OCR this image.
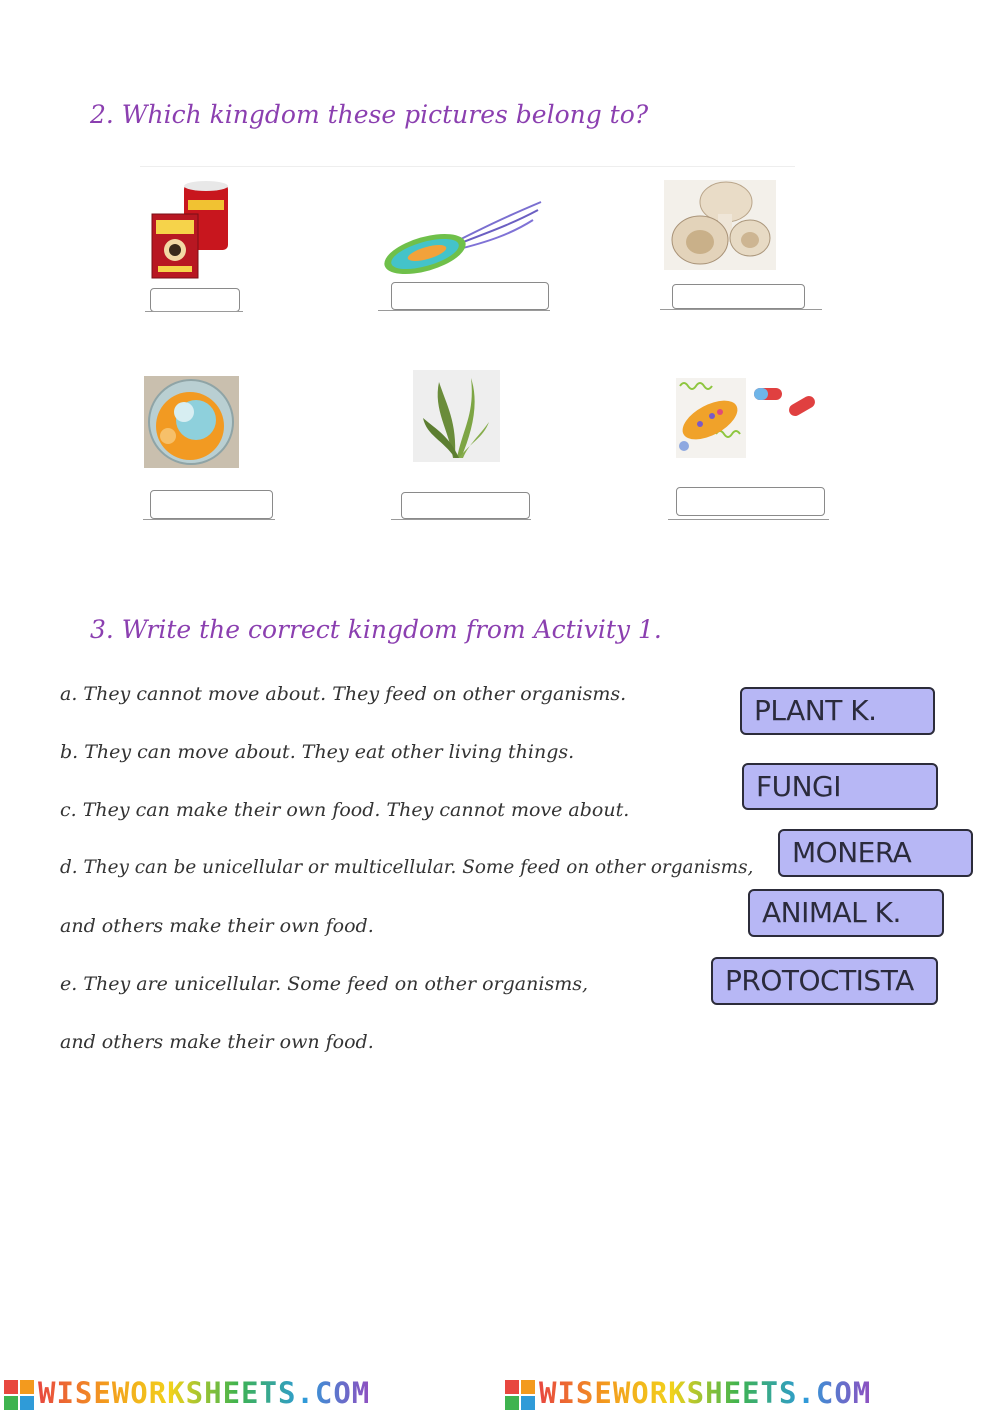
2. Which kingdom these pictures belong to?
3. Write the correct kingdom from Activity 1.
a. They cannot move about. They feed on other organisms.
b. They can move about. They eat other living things.
c. They can make their own food. They cannot move about.
d. They can be unicellular or multicellular. Some feed on other organisms,
and others make their own food.
e. They are unicellular. Some feed on other organisms,
and others make their own food.
PLANT K.
FUNGI
MONERA
ANIMAL K.
PROTOCTISTA
WISEWORKSHEETS.COM	WISEWORKSHEETS.COM
